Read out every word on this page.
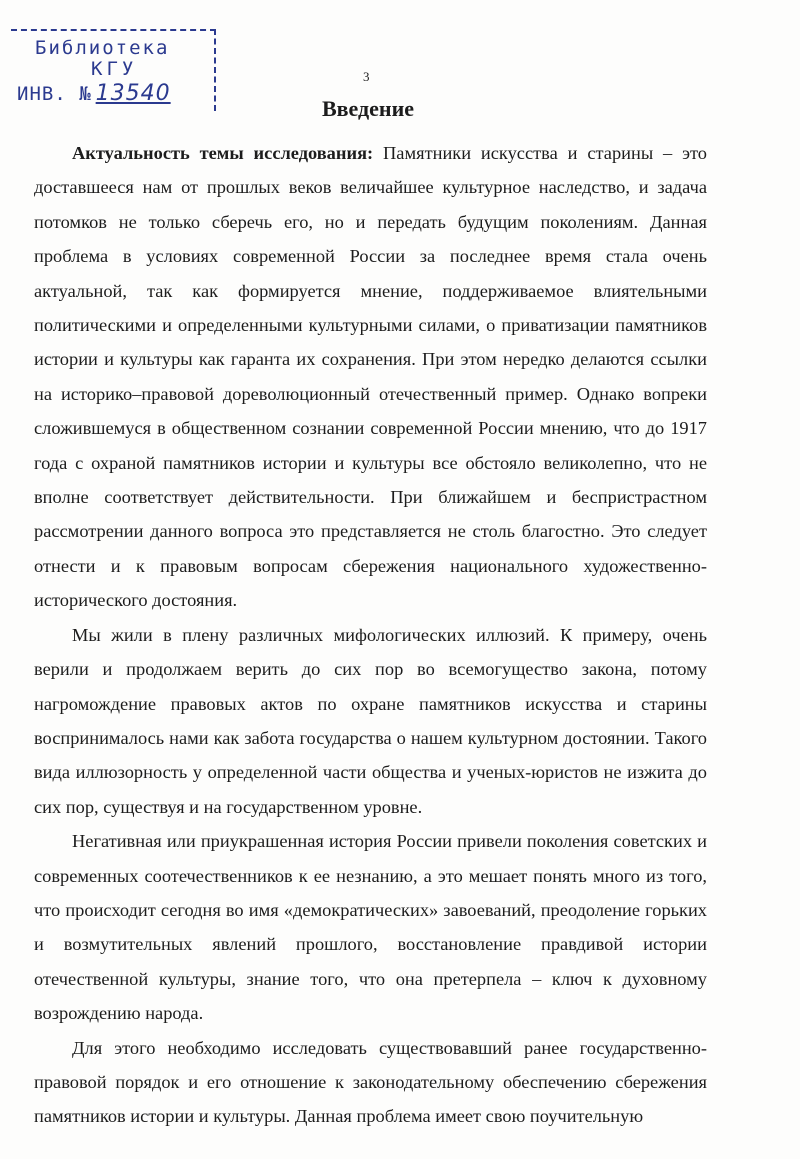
Библиотека
КГУ
ИНВ. № 13540
3
Введение

Актуальность темы исследования: Памятники искусства и старины – это доставшееся нам от прошлых веков величайшее культурное наследство, и задача потомков не только сберечь его, но и передать будущим поколениям. Данная проблема в условиях современной России за последнее время стала очень актуальной, так как формируется мнение, поддерживаемое влиятельными политическими и определенными культурными силами, о приватизации памятников истории и культуры как гаранта их сохранения. При этом нередко делаются ссылки на историко–правовой дореволюционный отечественный пример. Однако вопреки сложившемуся в общественном сознании современной России мнению, что до 1917 года с охраной памятников истории и культуры все обстояло великолепно, что не вполне соответствует действительности. При ближайшем и беспристрастном рассмотрении данного вопроса это представляется не столь благостно. Это следует отнести и к правовым вопросам сбережения национального художественно-исторического достояния.

Мы жили в плену различных мифологических иллюзий. К примеру, очень верили и продолжаем верить до сих пор во всемогущество закона, потому нагромождение правовых актов по охране памятников искусства и старины воспринималось нами как забота государства о нашем культурном достоянии. Такого вида иллюзорность у определенной части общества и ученых-юристов не изжита до сих пор, существуя и на государственном уровне.

Негативная или приукрашенная история России привели поколения советских и современных соотечественников к ее незнанию, а это мешает понять много из того, что происходит сегодня во имя «демократических» завоеваний, преодоление горьких и возмутительных явлений прошлого, восстановление правдивой истории отечественной культуры, знание того, что она претерпела – ключ к духовному возрождению народа.

Для этого необходимо исследовать существовавший ранее государственно-правовой порядок и его отношение к законодательному обеспечению сбережения памятников истории и культуры. Данная проблема имеет свою поучительную
